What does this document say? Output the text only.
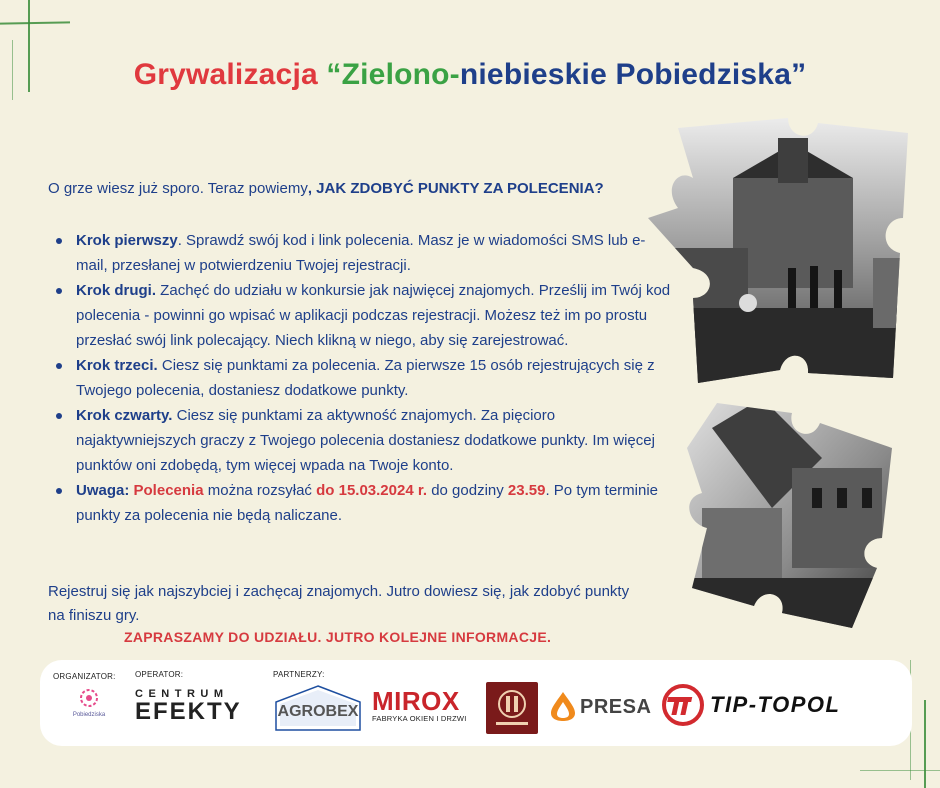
Grywalizacja “Zielono-niebieskie Pobiedziska”
O grze wiesz już sporo. Teraz powiemy, JAK ZDOBYĆ PUNKTY ZA POLECENIA?
Krok pierwszy. Sprawdź swój kod i link polecenia. Masz je w wiadomości SMS lub e-mail, przesłanej w potwierdzeniu Twojej rejestracji.
Krok drugi. Zachęć do udziału w konkursie jak najwięcej znajomych. Prześlij im Twój kod polecenia - powinni go wpisać w aplikacji podczas rejestracji. Możesz też im po prostu przesłać swój link polecający. Niech klikną w niego, aby się zarejestrować.
Krok trzeci. Ciesz się punktami za polecenia. Za pierwsze 15 osób rejestrujących się z Twojego polecenia, dostaniesz dodatkowe punkty.
Krok czwarty. Ciesz się punktami za aktywność znajomych. Za pięcioro najaktywniejszych graczy z Twojego polecenia dostaniesz dodatkowe punkty. Im więcej punktów oni zdobędą, tym więcej wpada na Twoje konto.
Uwaga: Polecenia można rozsyłać do 15.03.2024 r. do godziny 23.59. Po tym terminie punkty za polecenia nie będą naliczane.
Rejestruj się jak najszybciej i zachęcaj znajomych. Jutro dowiesz się, jak zdobyć punkty na finiszu gry.
ZAPRASZAMY DO UDZIAŁU. JUTRO KOLEJNE INFORMACJE.
ORGANIZATOR: OPERATOR:	PARTNERZY:
Pobiedziska
CENTRUM
EFEKTY	AGROBEX MIROX
FABRYKA OKIEN I DRZWI
PRESA	TIP-TOPOL
